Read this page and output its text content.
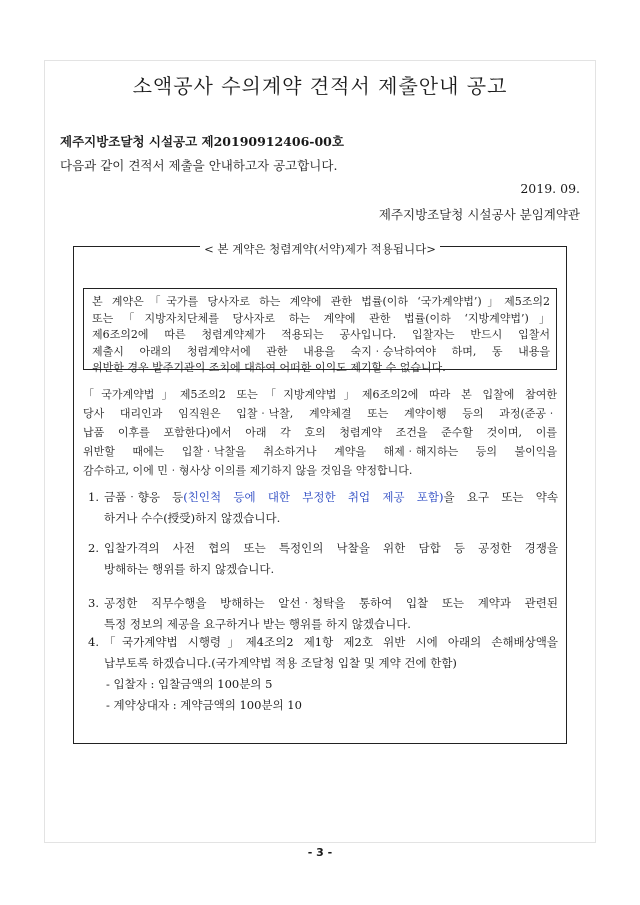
소액공사 수의계약 견적서 제출안내 공고
제주지방조달청 시설공고 제20190912406-00호
다음과 같이 견적서 제출을 안내하고자 공고합니다.
2019. 09.
제주지방조달청 시설공사 분임계약관
< 본 계약은 청렴계약(서약)제가 적용됩니다>
본 계약은「국가를 당사자로 하는 계약에 관한 법률(이하 ‘국가계약법’)」제5조의2
또는「지방자치단체를 당사자로 하는 계약에 관한 법률(이하 ‘지방계약법’)」
제6조의2에 따른 청렴계약제가 적용되는 공사입니다. 입찰자는 반드시 입찰서
제출시 아래의 청렴계약서에 관한 내용을 숙지‧승낙하여야 하며, 동 내용을
위반한 경우 발주기관의 조치에 대하여 어떠한 이의도 제기할 수 없습니다.
「국가계약법」제5조의2 또는「지방계약법」제6조의2에 따라 본 입찰에 참여한
당사 대리인과 임직원은 입찰‧낙찰, 계약체결 또는 계약이행 등의 과정(준공‧
납품 이후를 포함한다)에서 아래 각 호의 청렴계약 조건을 준수할 것이며, 이를
위반할 때에는 입찰‧낙찰을 취소하거나 계약을 해제‧해지하는 등의 불이익을
감수하고, 이에 민‧형사상 이의를 제기하지 않을 것임을 약정합니다.
1. 금품‧향응 등(친인척 등에 대한 부정한 취업 제공 포함)을 요구 또는 약속
하거나 수수(授受)하지 않겠습니다.
2. 입찰가격의 사전 협의 또는 특정인의 낙찰을 위한 담합 등 공정한 경쟁을
방해하는 행위를 하지 않겠습니다.
3. 공정한 직무수행을 방해하는 알선‧청탁을 통하여 입찰 또는 계약과 관련된
특정 정보의 제공을 요구하거나 받는 행위를 하지 않겠습니다.
4. 「국가계약법 시행령」제4조의2 제1항 제2호 위반 시에 아래의 손해배상액을
납부토록 하겠습니다.(국가계약법 적용 조달청 입찰 및 계약 건에 한함)
- 입찰자 : 입찰금액의 100분의 5
- 계약상대자 : 계약금액의 100분의 10
- 3 -
